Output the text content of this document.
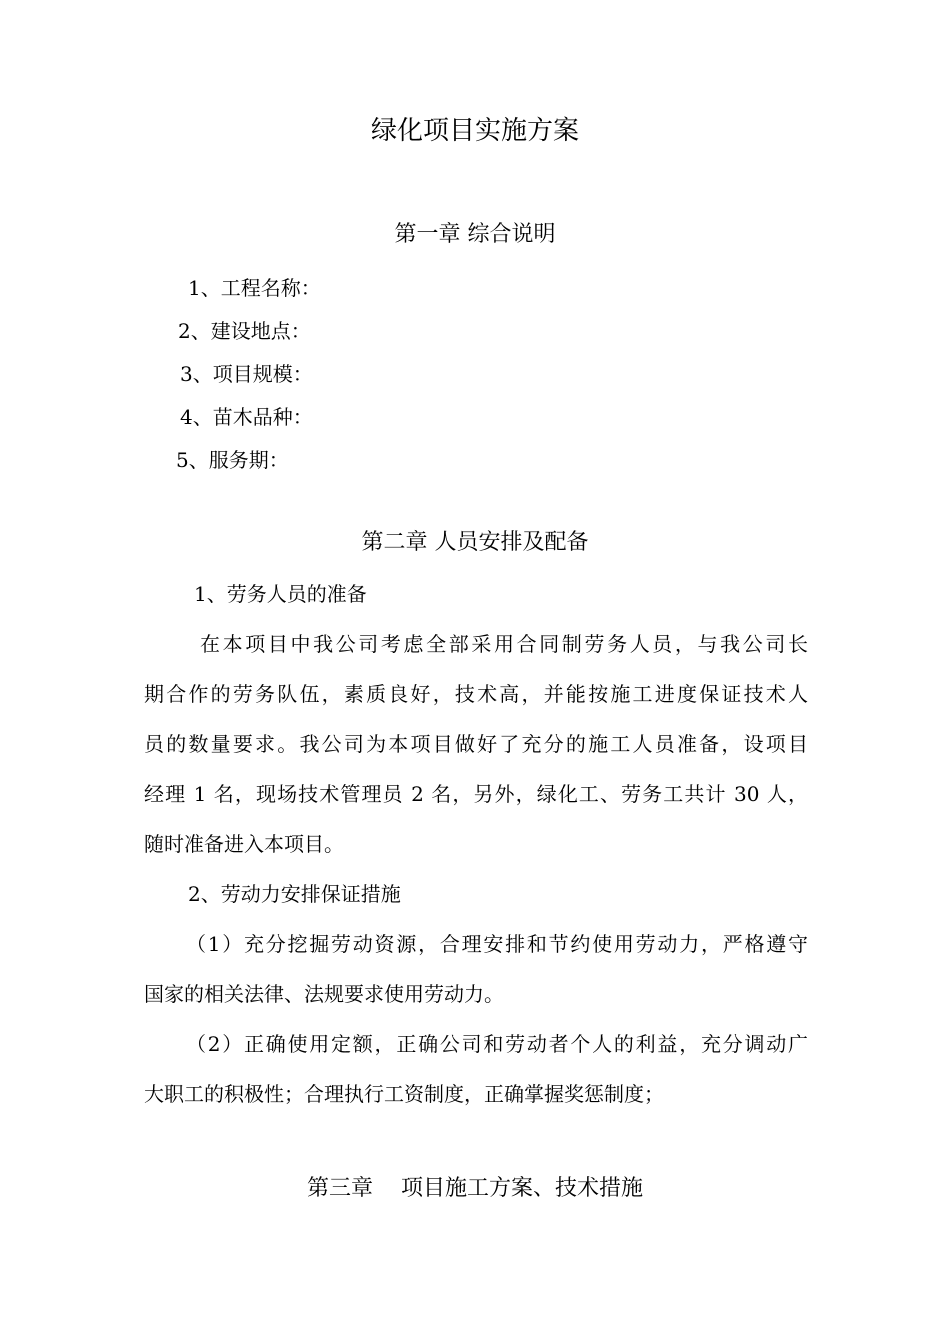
绿化项目实施方案
第一章 综合说明
1、工程名称：
2、建设地点：
3、项目规模：
4、苗木品种：
5、服务期：
第二章 人员安排及配备
1、劳务人员的准备
在本项目中我公司考虑全部采用合同制劳务人员，与我公司长
期合作的劳务队伍，素质良好，技术高，并能按施工进度保证技术人
员的数量要求。我公司为本项目做好了充分的施工人员准备，设项目
经理 1 名，现场技术管理员 2 名，另外，绿化工、劳务工共计 30 人，
随时准备进入本项目。
2、劳动力安排保证措施
（1）充分挖掘劳动资源，合理安排和节约使用劳动力，严格遵守
国家的相关法律、法规要求使用劳动力。
（2）正确使用定额，正确公司和劳动者个人的利益，充分调动广
大职工的积极性；合理执行工资制度，正确掌握奖惩制度；
第三章    项目施工方案、技术措施
